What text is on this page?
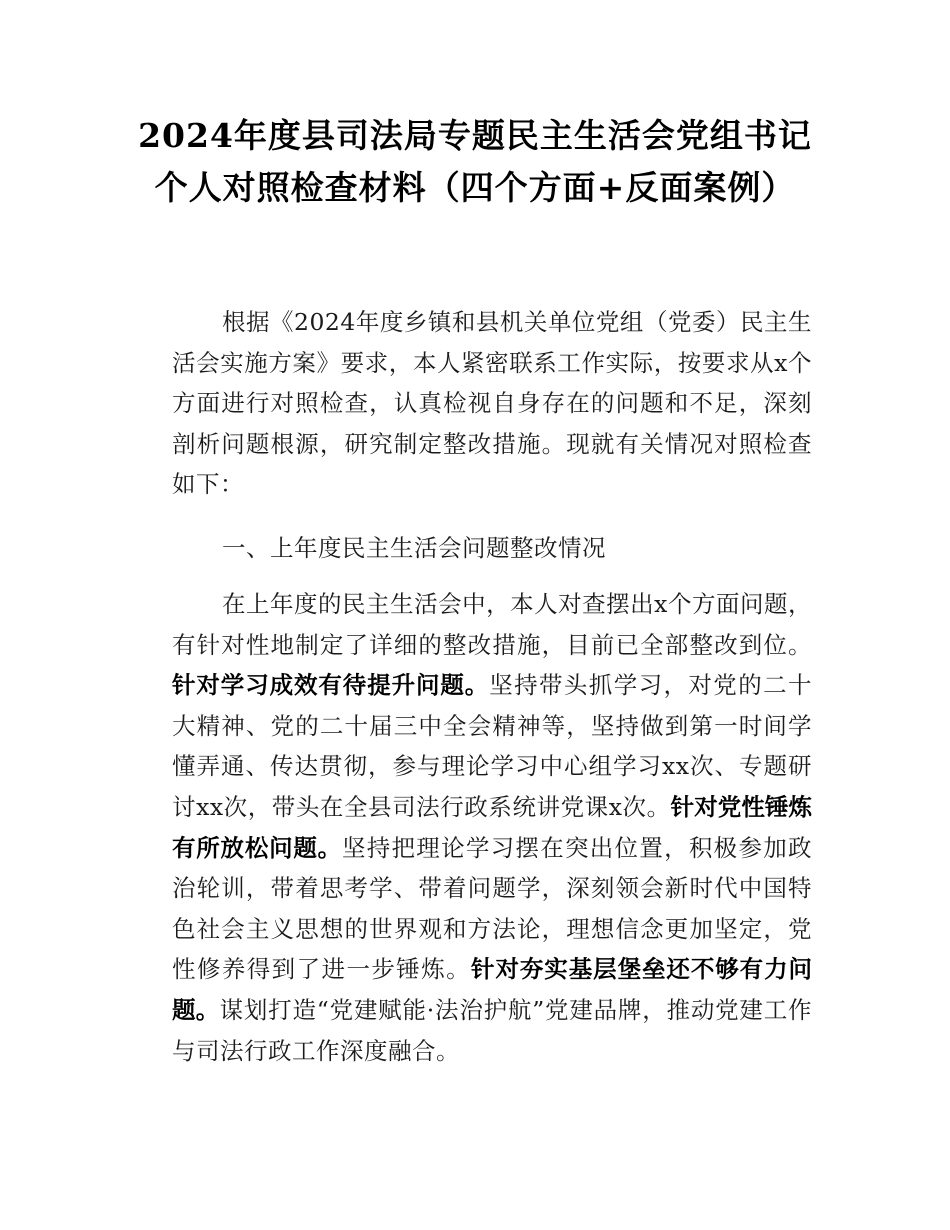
2024年度县司法局专题民主生活会党组书记
个人对照检查材料（四个方面+反面案例）
根据《2024年度乡镇和县机关单位党组（党委）民主生活会实施方案》要求，本人紧密联系工作实际，按要求从x个方面进行对照检查，认真检视自身存在的问题和不足，深刻剖析问题根源，研究制定整改措施。现就有关情况对照检查如下：
一、上年度民主生活会问题整改情况
在上年度的民主生活会中，本人对查摆出x个方面问题，有针对性地制定了详细的整改措施，目前已全部整改到位。针对学习成效有待提升问题。坚持带头抓学习，对党的二十大精神、党的二十届三中全会精神等，坚持做到第一时间学懂弄通、传达贯彻，参与理论学习中心组学习xx次、专题研讨xx次，带头在全县司法行政系统讲党课x次。针对党性锤炼有所放松问题。坚持把理论学习摆在突出位置，积极参加政治轮训，带着思考学、带着问题学，深刻领会新时代中国特色社会主义思想的世界观和方法论，理想信念更加坚定，党性修养得到了进一步锤炼。针对夯实基层堡垒还不够有力问题。谋划打造“党建赋能·法治护航”党建品牌，推动党建工作与司法行政工作深度融合。
